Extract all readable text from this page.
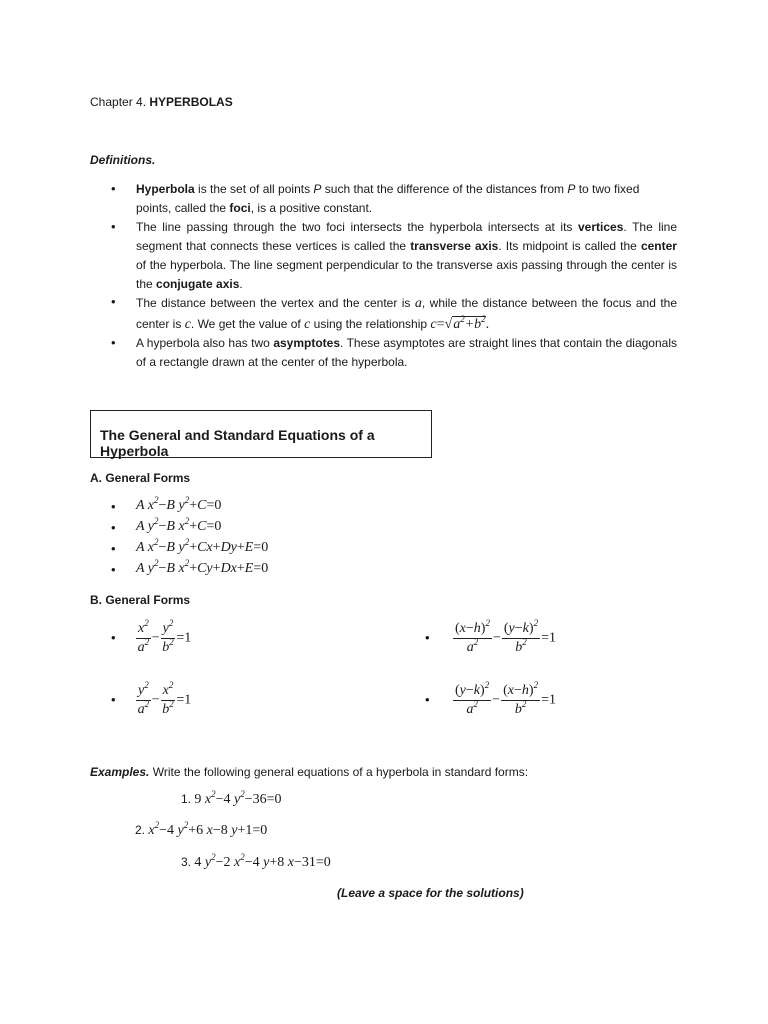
Chapter 4. HYPERBOLAS
Definitions.
• Hyperbola is the set of all points P such that the difference of the distances from P to two fixed
points, called the foci, is a positive constant.
• The line passing through the two foci intersects the hyperbola intersects at its vertices. The line segment that connects these vertices is called the transverse axis. Its midpoint is called the center of the hyperbola. The line segment perpendicular to the transverse axis passing through the center is the conjugate axis.
• The distance between the vertex and the center is a, while the distance between the focus and the center is c. We get the value of c using the relationship $c=√a^2+b^2$.
• A hyperbola also has two asymptotes. These asymptotes are straight lines that contain the diagonals of a rectangle drawn at the center of the hyperbola.
The General and Standard Equations of a Hyperbola
A. General Forms
• A $x^2-B$ $y^2+C=0$
• A $y^2-B$ $x^2+C=0$
• A $x^2-B$ $y^2+Cx+Dy+E=0$
• A $y^2-B$ $x^2+Cy+Dx+E=0$
B. General Forms
• $\frac{x^2}{a^2} - \frac{y^2}{b^2} =1$	• $\frac{(x-h)^2}{a^2} - \frac{(y-k)^2}{b^2} =1$
• $\frac{y^2}{a^2} - \frac{x^2}{b^2} =1$	• $\frac{(y-k)^2}{a^2} - \frac{(x-h)^2}{b^2} =1$
Examples. Write the following general equations of a hyperbola in standard forms:
1. 9 $x^2-4$ $y^2-36=0$
2. $x^2-4$ $y^2+6$ x−8 y+1=0
3. 4 $y^2-2$ $x^2-4$ y+8 x−31=0
(Leave a space for the solutions)
